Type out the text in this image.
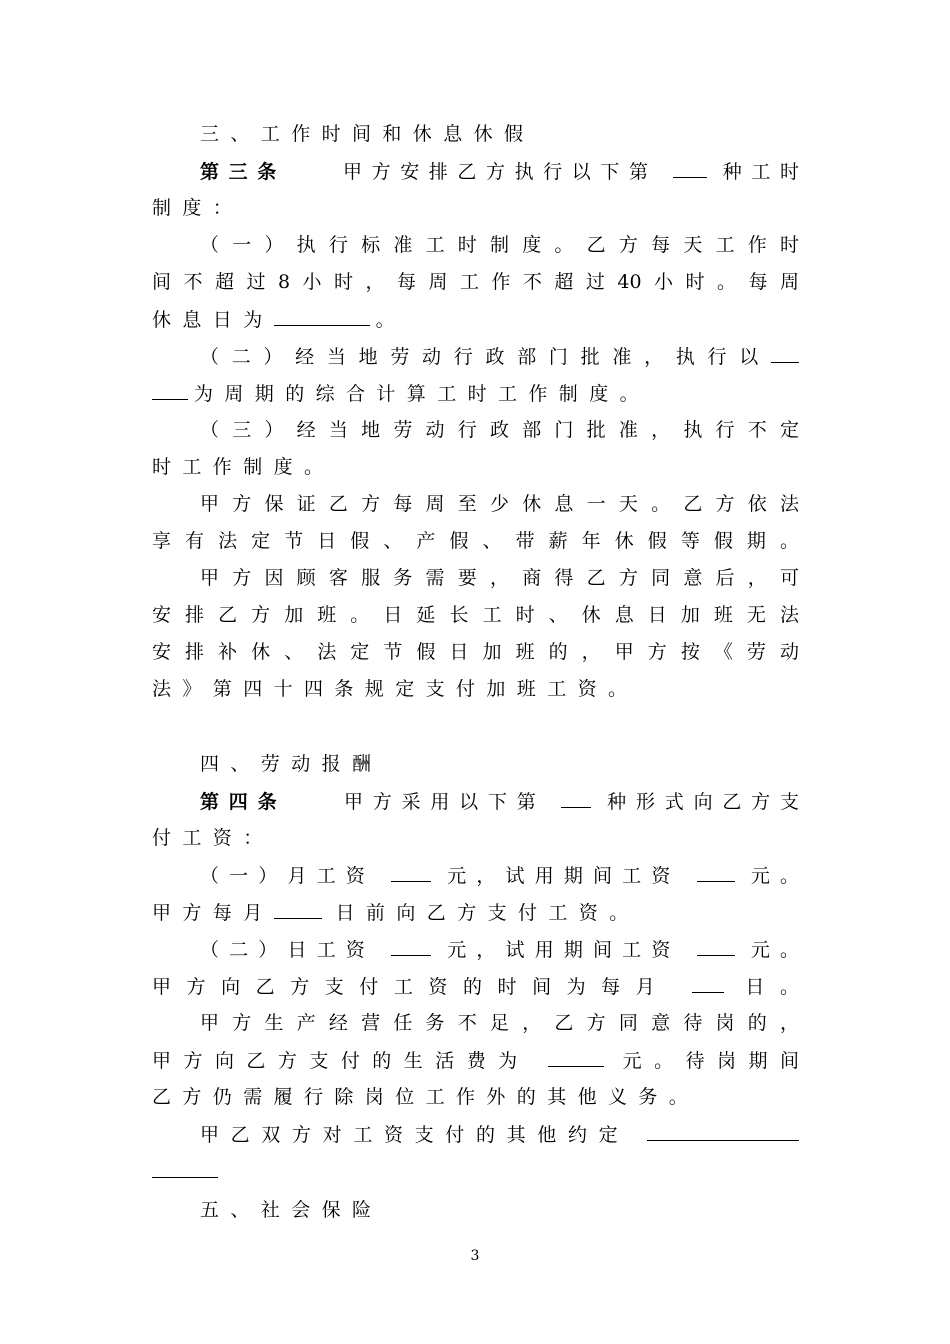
三、工作时间和休息休假
第三条　　	甲方安排乙方执行以下第	种工时
制度：
（一）执行标准工时制度。乙方每天工作时
间不超过8小时，每周工作不超过40小时。每周
休息日为	。
（二）经当地劳动行政部门批准，执行以
为周期的综合计算工时工作制度。
（三）经当地劳动行政部门批准，执行不定
时工作制度。
甲方保证乙方每周至少休息一天。乙方依法
享有法定节日假、产假、带薪年休假等假期。
甲方因顾客服务需要，商得乙方同意后，可
安排乙方加班。日延长工时、休息日加班无法
安排补休、法定节假日加班的，甲方按《劳动
法》第四十四条规定支付加班工资。
四、劳动报酬
第四条　　	甲方采用以下第	种形式向乙方支
付工资：
（一）月工资	元，试用期间工资	元。
甲方每月	日前向乙方支付工资。
（二）日工资	元，试用期间工资	元。
甲方向乙方支付工资的时间为每月	日。
甲方生产经营任务不足，乙方同意待岗的，
甲方向乙方支付的生活费为	元。待岗期间
乙方仍需履行除岗位工作外的其他义务。
甲乙双方对工资支付的其他约定
五、社会保险
3
